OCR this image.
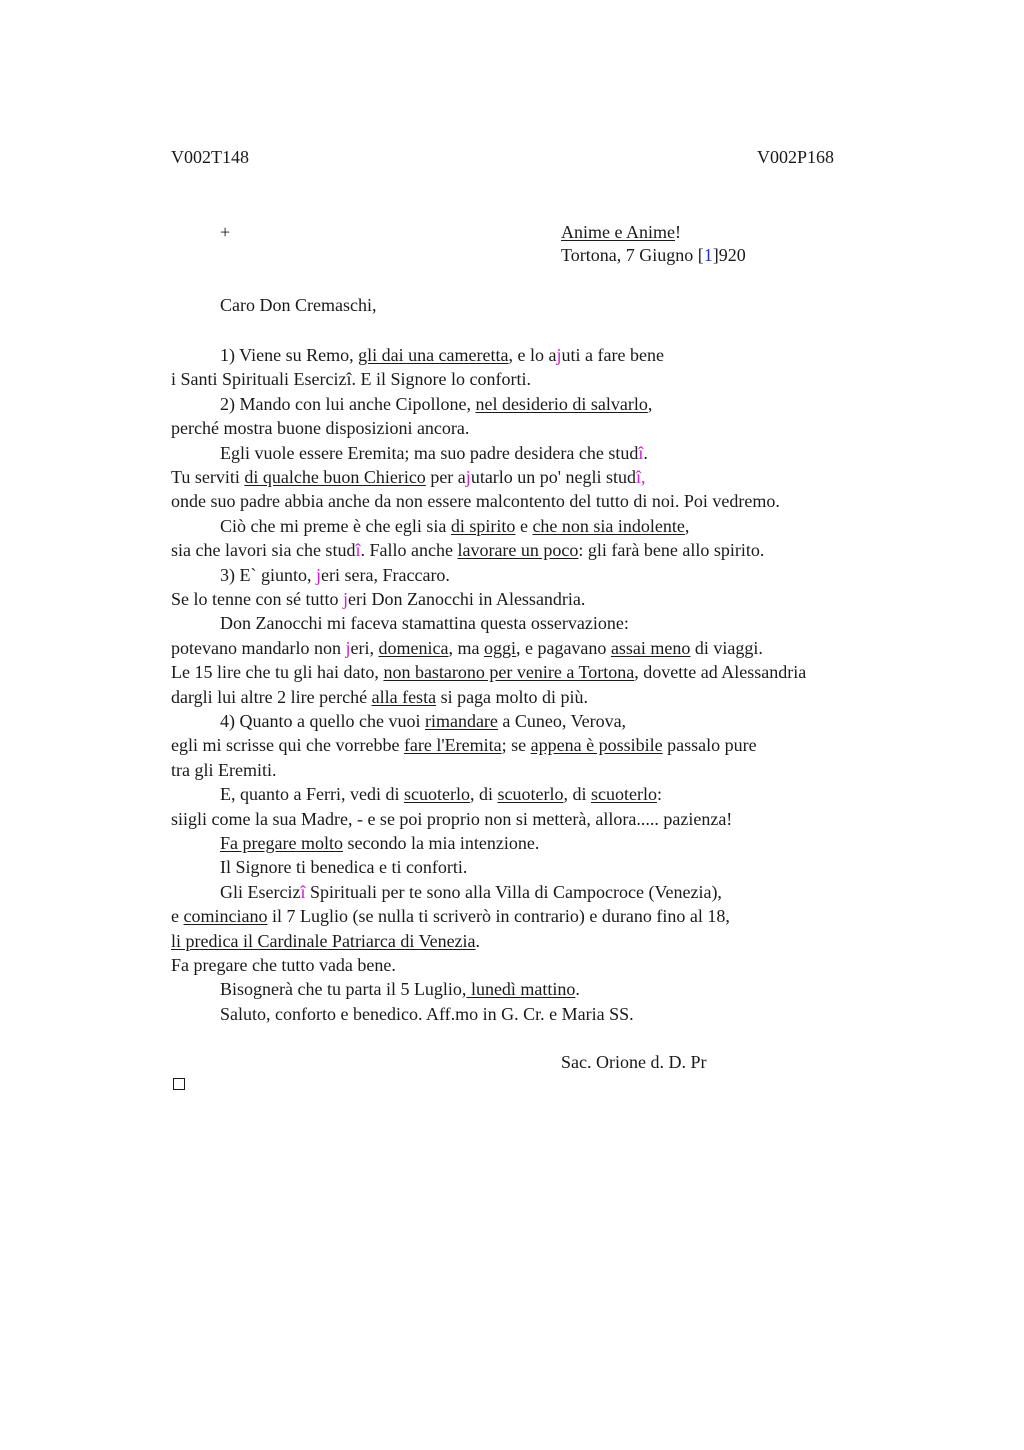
V002T148	V002P168
+	Anime e Anime!
Tortona, 7 Giugno [1]920
Caro Don Cremaschi,
1) Viene su Remo, gli dai una cameretta, e lo ajuti a fare bene
i Santi Spirituali Esercizî. E il Signore lo conforti.
2) Mando con lui anche Cipollone, nel desiderio di salvarlo,
perché mostra buone disposizioni ancora.
Egli vuole essere Eremita; ma suo padre desidera che studî.
Tu serviti di qualche buon Chierico per ajutarlo un po' negli studî,
onde suo padre abbia anche da non essere malcontento del tutto di noi. Poi vedremo.
Ciò che mi preme è che egli sia di spirito e che non sia indolente,
sia che lavori sia che studî. Fallo anche lavorare un poco: gli farà bene allo spirito.
3) E` giunto, jeri sera, Fraccaro.
Se lo tenne con sé tutto jeri Don Zanocchi in Alessandria.
Don Zanocchi mi faceva stamattina questa osservazione:
potevano mandarlo non jeri, domenica, ma oggi, e pagavano assai meno di viaggi.
Le 15 lire che tu gli hai dato, non bastarono per venire a Tortona, dovette ad Alessandria
dargli lui altre 2 lire perché alla festa si paga molto di più.
4) Quanto a quello che vuoi rimandare a Cuneo, Verova,
egli mi scrisse qui che vorrebbe fare l'Eremita; se appena è possibile passalo pure
tra gli Eremiti.
E, quanto a Ferri, vedi di scuoterlo, di scuoterlo, di scuoterlo:
siigli come la sua Madre, - e se poi proprio non si metterà, allora..... pazienza!
Fa pregare molto secondo la mia intenzione.
Il Signore ti benedica e ti conforti.
Gli Esercizî Spirituali per te sono alla Villa di Campocroce (Venezia),
e cominciano il 7 Luglio (se nulla ti scriverò in contrario) e durano fino al 18,
li predica il Cardinale Patriarca di Venezia.
Fa pregare che tutto vada bene.
Bisognerà che tu parta il 5 Luglio, lunedì mattino.
Saluto, conforto e benedico. Aff.mo in G. Cr. e Maria SS.
Sac. Orione d. D. Pr
